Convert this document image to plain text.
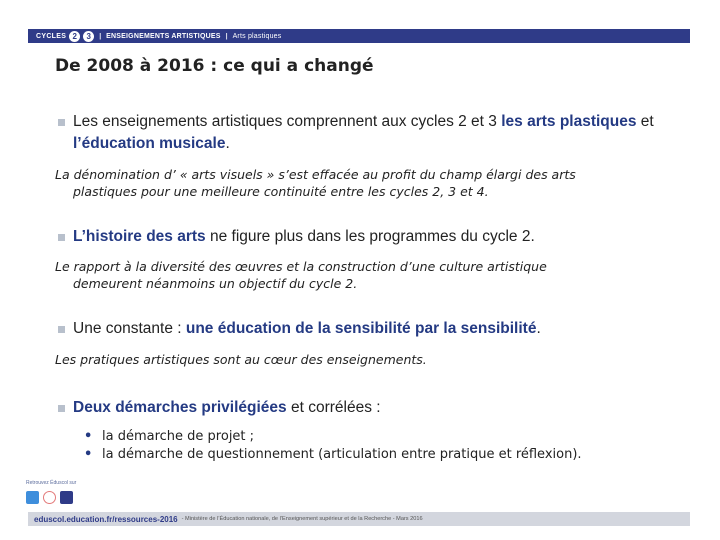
CYCLES 2	3	| ENSEIGNEMENTS ARTISTIQUES | Arts plastiques
De 2008 à 2016 : ce qui a changé
Les enseignements artistiques comprennent aux cycles 2 et 3 les arts plastiques et l’éducation musicale.
La dénomination d’ « arts visuels » s’est effacée au profit du champ élargi des arts
plastiques pour une meilleure continuité entre les cycles 2, 3 et 4.
L’histoire des arts ne figure plus dans les programmes du cycle 2.
Le rapport à la diversité des œuvres et la construction d’une culture artistique
demeurent néanmoins un objectif du cycle 2.
Une constante : une éducation de la sensibilité par la sensibilité.
Les pratiques artistiques sont au cœur des enseignements.
Deux démarches privilégiées et corrélées :
• la démarche de projet ;
• la démarche de questionnement (articulation entre pratique et réflexion).
Retrouvez Éduscol sur
eduscol.education.fr/ressources-2016 - Ministère de l’Éducation nationale, de l’Enseignement supérieur et de la Recherche - Mars 2016
